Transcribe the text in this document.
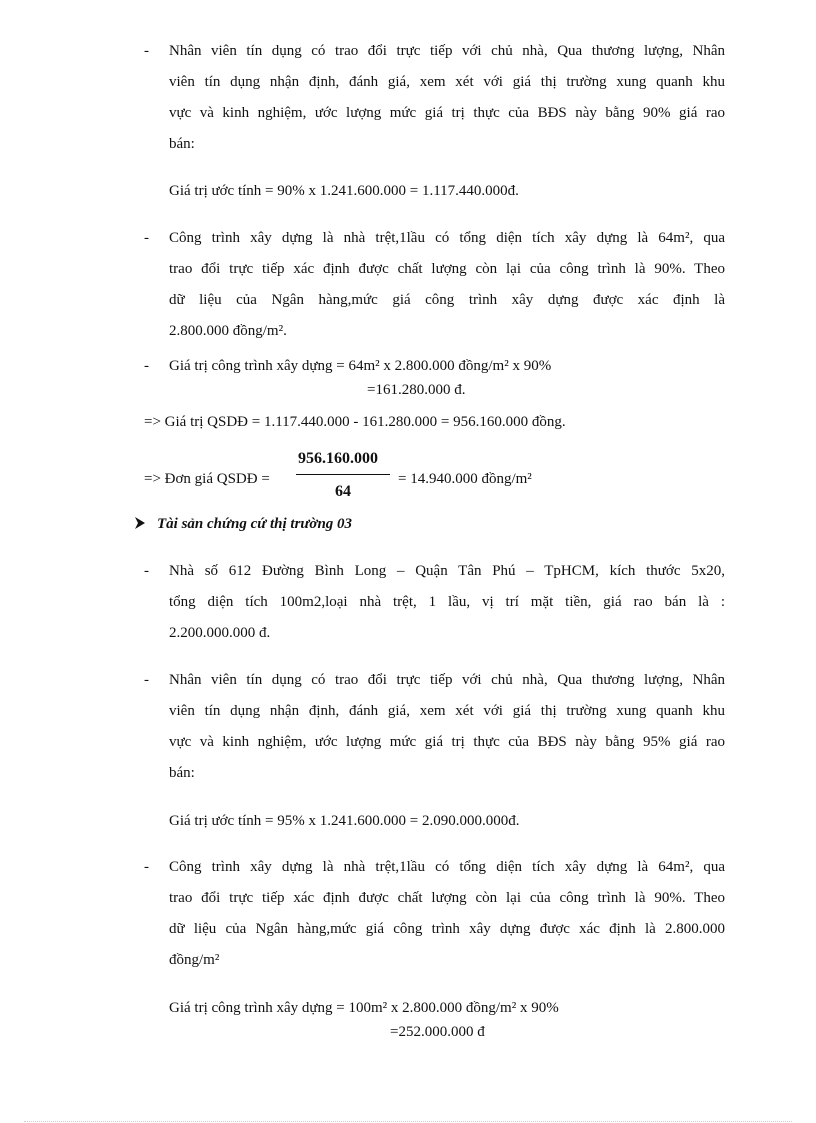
- Nhân viên tín dụng có trao đổi trực tiếp với chủ nhà, Qua thương lượng, Nhân
viên tín dụng nhận định, đánh giá, xem xét với giá thị trường xung quanh khu
vực và kinh nghiệm, ước lượng mức giá trị thực của BĐS này bằng 90% giá rao
bán:
Giá trị ước tính = 90% x 1.241.600.000 = 1.117.440.000đ.
- Công trình xây dựng là nhà trệt,1lầu có tổng diện tích xây dựng là 64m², qua
trao đổi trực tiếp xác định được chất lượng còn lại của công trình là 90%. Theo
dữ liệu của Ngân hàng,mức giá công trình xây dựng được xác định là
2.800.000 đồng/m².
- Giá trị công trình xây dựng = 64m² x 2.800.000 đồng/m² x 90%
=161.280.000 đ.
=> Giá trị QSDĐ = 1.117.440.000 - 161.280.000 = 956.160.000 đồng.
=> Đơn giá QSDĐ =
956.160.000
64
= 14.940.000 đồng/m²
Tài sản chứng cứ thị trường 03
- Nhà số 612 Đường Bình Long – Quận Tân Phú – TpHCM, kích thước 5x20,
tổng diện tích 100m2,loại nhà trệt, 1 lầu, vị trí mặt tiền, giá rao bán là :
2.200.000.000 đ.
- Nhân viên tín dụng có trao đổi trực tiếp với chủ nhà, Qua thương lượng, Nhân
viên tín dụng nhận định, đánh giá, xem xét với giá thị trường xung quanh khu
vực và kinh nghiệm, ước lượng mức giá trị thực của BĐS này bằng 95% giá rao
bán:
Giá trị ước tính = 95% x 1.241.600.000 = 2.090.000.000đ.
- Công trình xây dựng là nhà trệt,1lầu có tổng diện tích xây dựng là 64m², qua
trao đổi trực tiếp xác định được chất lượng còn lại của công trình là 90%. Theo
dữ liệu của Ngân hàng,mức giá công trình xây dựng được xác định là 2.800.000
đồng/m²
Giá trị công trình xây dựng = 100m² x 2.800.000 đồng/m² x 90%
=252.000.000 đ
